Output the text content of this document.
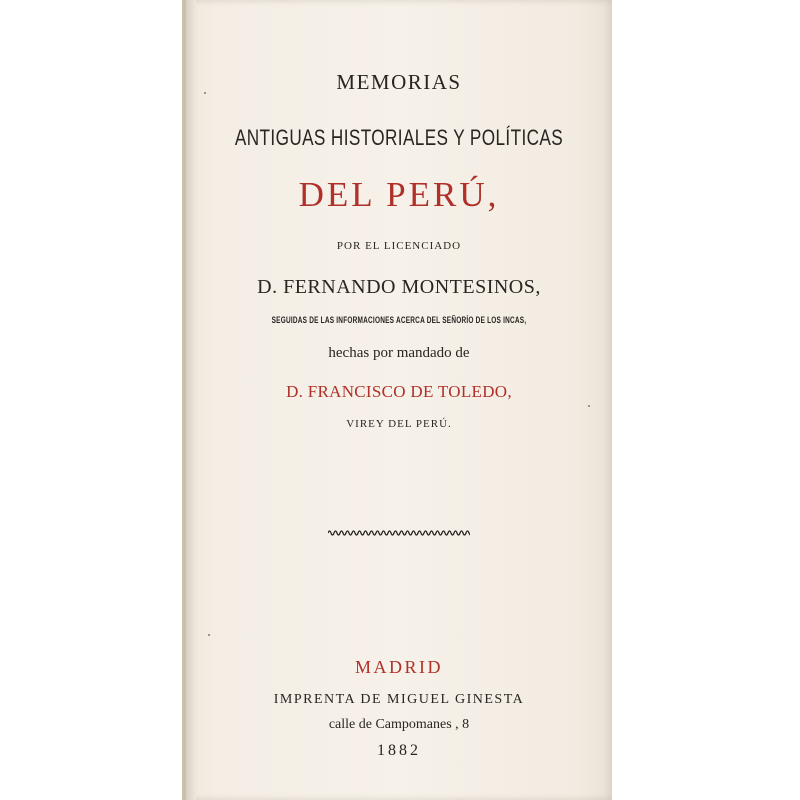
MEMORIAS
ANTIGUAS HISTORIALES Y POLÍTICAS
DEL PERÚ,
POR EL LICENCIADO
D. FERNANDO MONTESINOS,
SEGUIDAS DE LAS INFORMACIONES ACERCA DEL SEÑORÍO DE LOS INCAS,
hechas por mandado de
D. FRANCISCO DE TOLEDO,
VIREY DEL PERÚ.
MADRID
IMPRENTA DE MIGUEL GINESTA
calle de Campomanes , 8
1882
